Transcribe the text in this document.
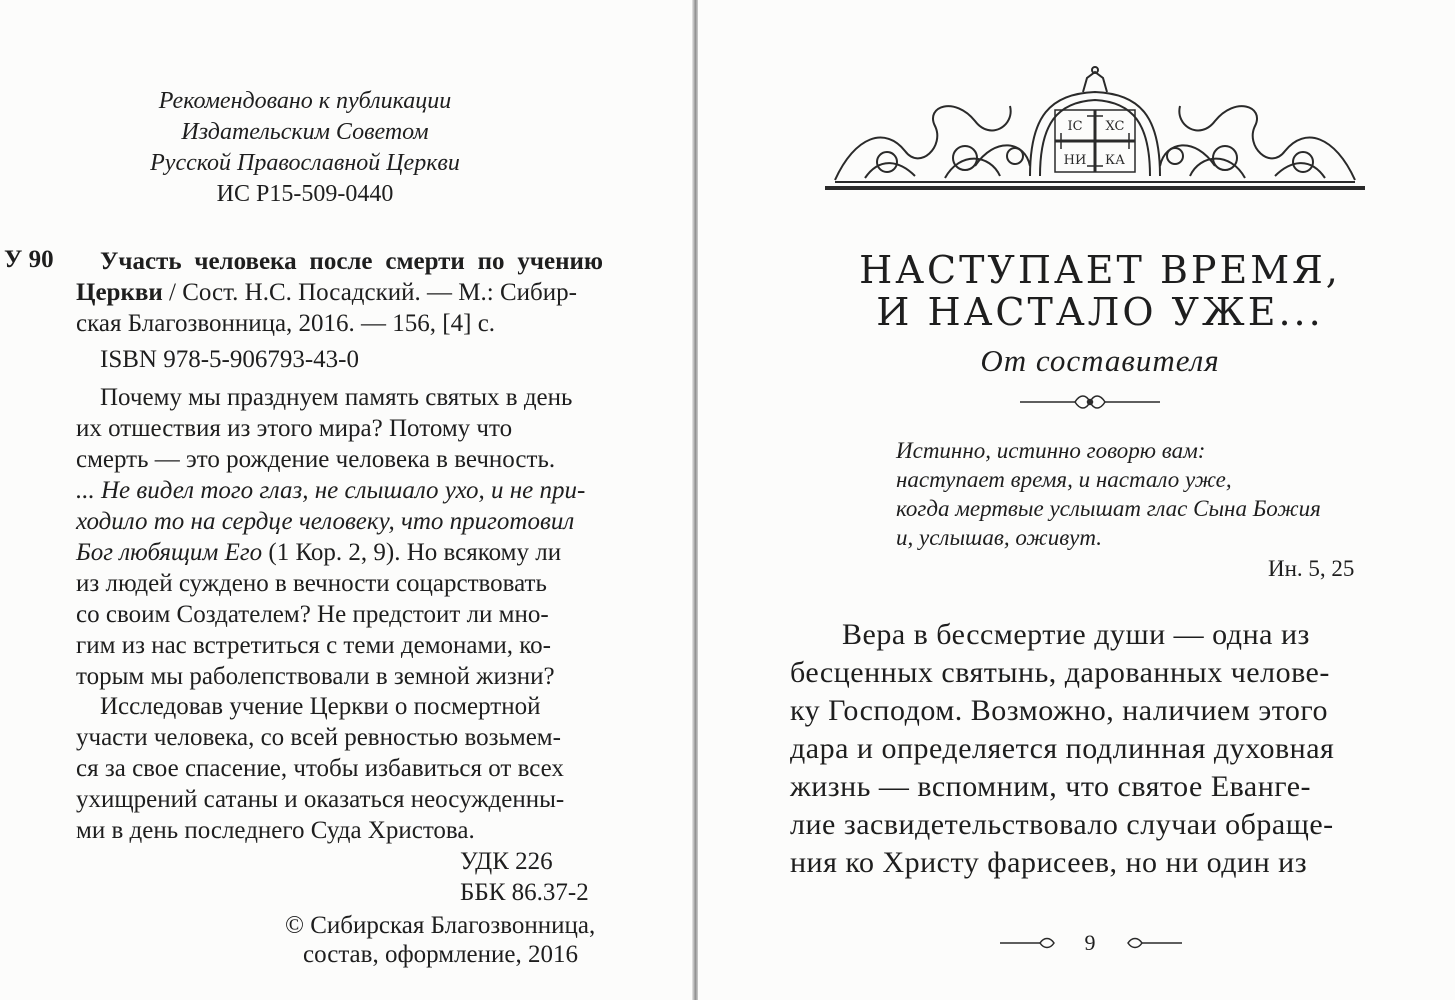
Рекомендовано к публикации
Издательским Советом
Русской Православной Церкви
ИС Р15-509-0440
У 90 Участь человека после смерти по учению
Церкви / Сост. Н.С. Посадский. — М.: Сибир-
ская Благозвонница, 2016. — 156, [4] с.
ISBN 978-5-906793-43-0
Почему мы празднуем память святых в день
их отшествия из этого мира? Потому что
смерть — это рождение человека в вечность.
... Не видел того глаз, не слышало ухо, и не при-
ходило то на сердце человеку, что приготовил
Бог любящим Его (1 Кор. 2, 9). Но всякому ли
из людей суждено в вечности соцарствовать
со своим Создателем? Не предстоит ли мно-
гим из нас встретиться с теми демонами, ко-
торым мы раболепствовали в земной жизни?
Исследовав учение Церкви о посмертной
участи человека, со всей ревностью возьмем-
ся за свое спасение, чтобы избавиться от всех
ухищрений сатаны и оказаться неосужденны-
ми в день последнего Суда Христова.
УДК 226
ББК 86.37-2
© Сибирская Благозвонница,
состав, оформление, 2016
IC XC
НИ КА
НАСТУПАЕТ ВРЕМЯ,
И НАСТАЛО УЖЕ...
От составителя
Истинно, истинно говорю вам:
наступает время, и настало уже,
когда мертвые услышат глас Сына Божия
и, услышав, оживут.
Ин. 5, 25
Вера в бессмертие души — одна из
бесценных святынь, дарованных челове-
ку Господом. Возможно, наличием этого
дара и определяется подлинная духовная
жизнь — вспомним, что святое Еванге-
лие засвидетельствовало случаи обраще-
ния ко Христу фарисеев, но ни один из
9
